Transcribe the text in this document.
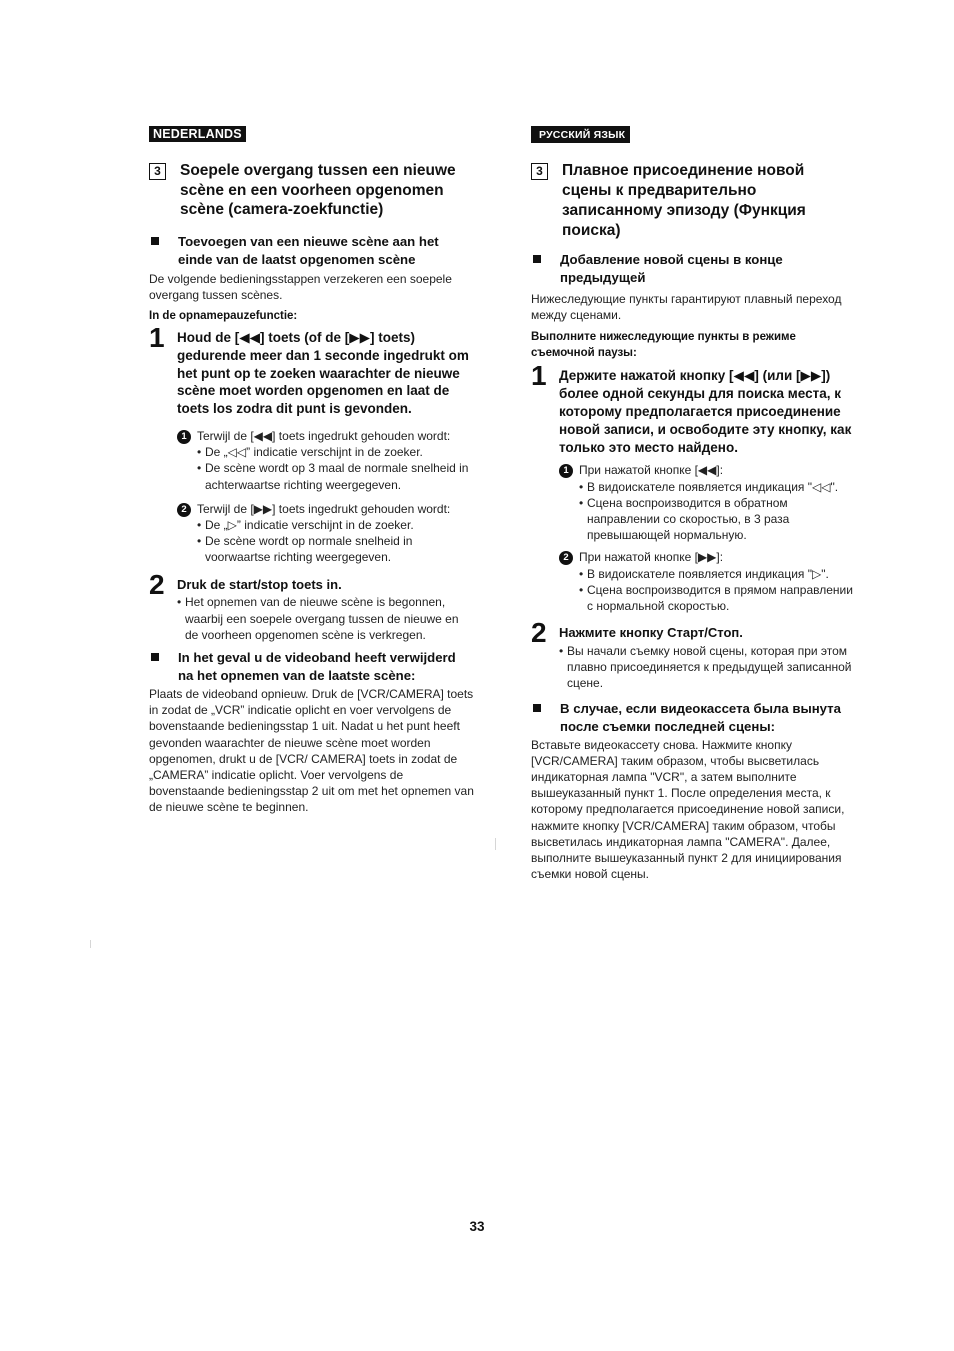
NEDERLANDS
3	Soepele overgang tussen een nieuwe scène en een voorheen opgenomen scène (camera-zoekfunctie)
Toevoegen van een nieuwe scène aan het einde van de laatst opgenomen scène
De volgende bedieningsstappen verzekeren een soepele overgang tussen scènes.
In de opnamepauzefunctie:
1 Houd de [◀◀] toets (of de [▶▶] toets) gedurende meer dan 1 seconde ingedrukt om het punt op te zoeken waarachter de nieuwe scène moet worden opgenomen en laat de toets los zodra dit punt is gevonden.
1 Terwijl de [◀◀] toets ingedrukt gehouden wordt:
• De „◁◁” indicatie verschijnt in de zoeker.
• De scène wordt op 3 maal de normale snelheid in achterwaartse richting weergegeven.
2 Terwijl de [▶▶] toets ingedrukt gehouden wordt:
• De „▷” indicatie verschijnt in de zoeker.
• De scène wordt op normale snelheid in voorwaartse richting weergegeven.
2 Druk de start/stop toets in.
• Het opnemen van de nieuwe scène is begonnen, waarbij een soepele overgang tussen de nieuwe en de voorheen opgenomen scène is verkregen.
In het geval u de videoband heeft verwijderd na het opnemen van de laatste scène:
Plaats de videoband opnieuw. Druk de [VCR/CAMERA] toets in zodat de „VCR” indicatie oplicht en voer vervolgens de bovenstaande bedieningsstap 1 uit. Nadat u het punt heeft gevonden waarachter de nieuwe scène moet worden opgenomen, drukt u de [VCR/ CAMERA] toets in zodat de „CAMERA” indicatie oplicht. Voer vervolgens de bovenstaande bedieningsstap 2 uit om met het opnemen van de nieuwe scène te beginnen.
РУССКИЙ ЯЗЫК
3	Плавное присоединение новой сцены к предварительно записанному эпизоду (Функция поиска)
Добавление новой сцены в конце предыдущей
Нижеследующие пункты гарантируют плавный переход между сценами.
Выполните нижеследующие пункты в режиме съемочной паузы:
1 Держите нажатой кнопку [◀◀] (или [▶▶]) более одной секунды для поиска места, к которому предполагается присоединение новой записи, и освободите эту кнопку, как только это место найдено.
1 При нажатой кнопке [◀◀]:
• В видоискателе появляется индикация "◁◁".
• Сцена воспроизводится в обратном направлении со скоростью, в 3 раза превышающей нормальную.
2 При нажатой кнопке [▶▶]:
• В видоискателе появляется индикация "▷".
• Сцена воспроизводится в прямом направлении с нормальной скоростью.
2 Нажмите кнопку Старт/Стоп.
• Вы начали съемку новой сцены, которая при этом плавно присоединяется к предыдущей записанной сцене.
В случае, если видеокассета была вынута после съемки последней сцены:
Вставьте видеокассету снова. Нажмите кнопку [VCR/CAMERA] таким образом, чтобы высветилась индикаторная лампа "VCR", а затем выполните вышеуказанный пункт 1. После определения места, к которому предполагается присоединение новой записи, нажмите кнопку [VCR/CAMERA] таким образом, чтобы высветилась индикаторная лампа "CAMERA". Далее, выполните вышеуказанный пункт 2 для инициирования съемки новой сцены.
33
